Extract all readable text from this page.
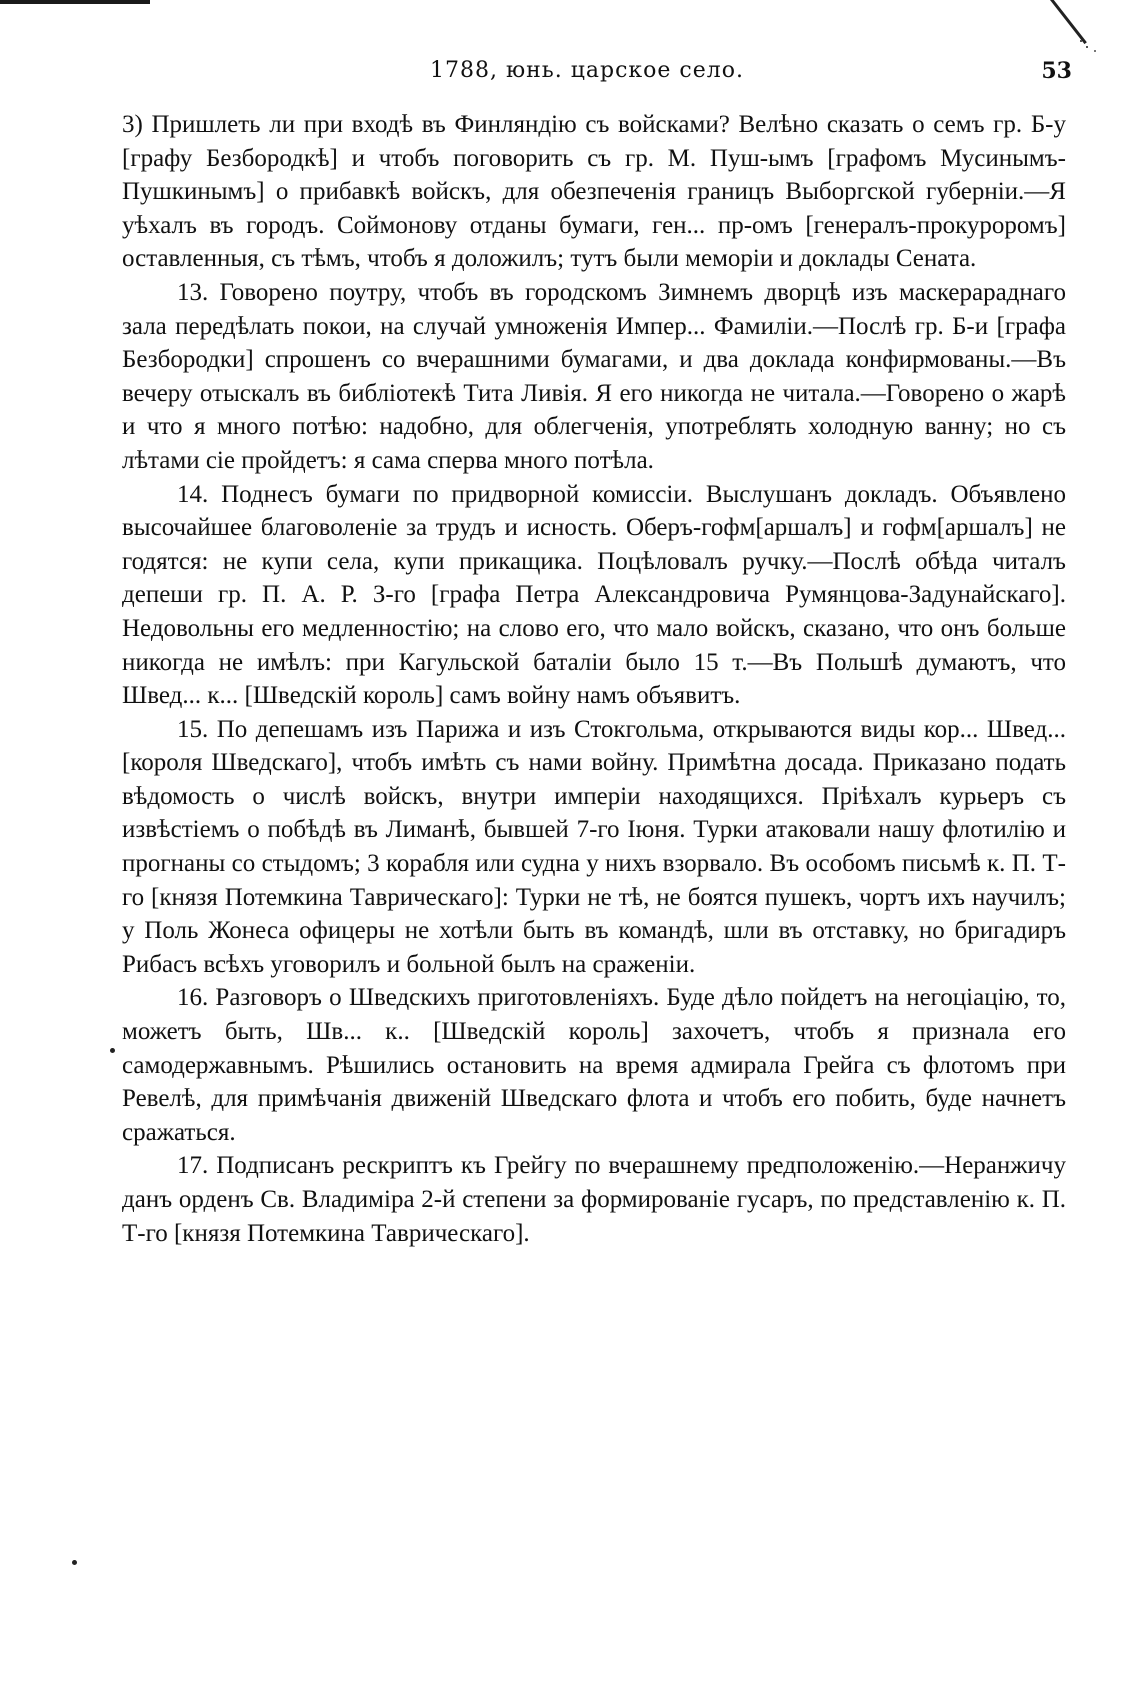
1788, юнь. царское село.	53

3) Пришлеть ли при входѣ въ Финляндію съ войсками? Велѣно сказать о семъ гр. Б-у [графу Безбородкѣ] и чтобъ поговорить съ гр. М. Пуш-ымъ [графомъ Мусинымъ-Пушкинымъ] о прибавкѣ войскъ, для обезпеченія границъ Выборгской губерніи.—Я уѣхалъ въ городъ. Соймонову отданы бумаги, ген... пр-омъ [генералъ-прокуроромъ] оставленныя, съ тѣмъ, чтобъ я доложилъ; тутъ были меморіи и доклады Сената.

13. Говорено поутру, чтобъ въ городскомъ Зимнемъ дворцѣ изъ маскерараднаго зала передѣлать покои, на случай умноженія Импер... Фамиліи.—Послѣ гр. Б-и [графа Безбородки] спрошенъ со вчерашними бумагами, и два доклада конфирмованы.—Въ вечеру отыскалъ въ библіотекѣ Тита Ливія. Я его никогда не читала.—Говорено о жарѣ и что я много потѣю: надобно, для облегченія, употреблять холодную ванну; но съ лѣтами сіе пройдетъ: я сама сперва много потѣла.

14. Поднесъ бумаги по придворной комиссіи. Выслушанъ докладъ. Объявлено высочайшее благоволеніе за трудъ и исность. Оберъ-гофм[аршалъ] и гофм[аршалъ] не годятся: не купи села, купи прикащика. Поцѣловалъ ручку.—Послѣ обѣда читалъ депеши гр. П. А. Р. З-го [графа Петра Александровича Румянцова-Задунайскаго]. Недовольны его медленностію; на слово его, что мало войскъ, сказано, что онъ больше никогда не имѣлъ: при Кагульской баталіи было 15 т.—Въ Польшѣ думаютъ, что Швед... к... [Шведскій король] самъ войну намъ объявитъ.

15. По депешамъ изъ Парижа и изъ Стокгольма, открываются виды кор... Швед... [короля Шведскаго], чтобъ имѣть съ нами войну. Примѣтна досада. Приказано подать вѣдомость о числѣ войскъ, внутри имперіи находящихся. Пріѣхалъ курьеръ съ извѣстіемъ о побѣдѣ въ Лиманѣ, бывшей 7-го Іюня. Турки атаковали нашу флотилію и прогнаны со стыдомъ; 3 корабля или судна у нихъ взорвало. Въ особомъ письмѣ к. П. Т-го [князя Потемкина Таврическаго]: Турки не тѣ, не боятся пушекъ, чортъ ихъ научилъ; у Поль Жонеса офицеры не хотѣли быть въ командѣ, шли въ отставку, но бригадиръ Рибасъ всѣхъ уговорилъ и больной былъ на сраженіи.

16. Разговоръ о Шведскихъ приготовленіяхъ. Буде дѣло пойдетъ на негоціацію, то, можетъ быть, Шв... к.. [Шведскій король] захочетъ, чтобъ я признала его самодержавнымъ. Рѣшились остановить на время адмирала Грейга съ флотомъ при Ревелѣ, для примѣчанія движеній Шведскаго флота и чтобъ его побить, буде начнетъ сражаться.

17. Подписанъ рескриптъ къ Грейгу по вчерашнему предположенію.—Неранжичу данъ орденъ Св. Владиміра 2-й степени за формированіе гусаръ, по представленію к. П. Т-го [князя Потемкина Таврическаго].
